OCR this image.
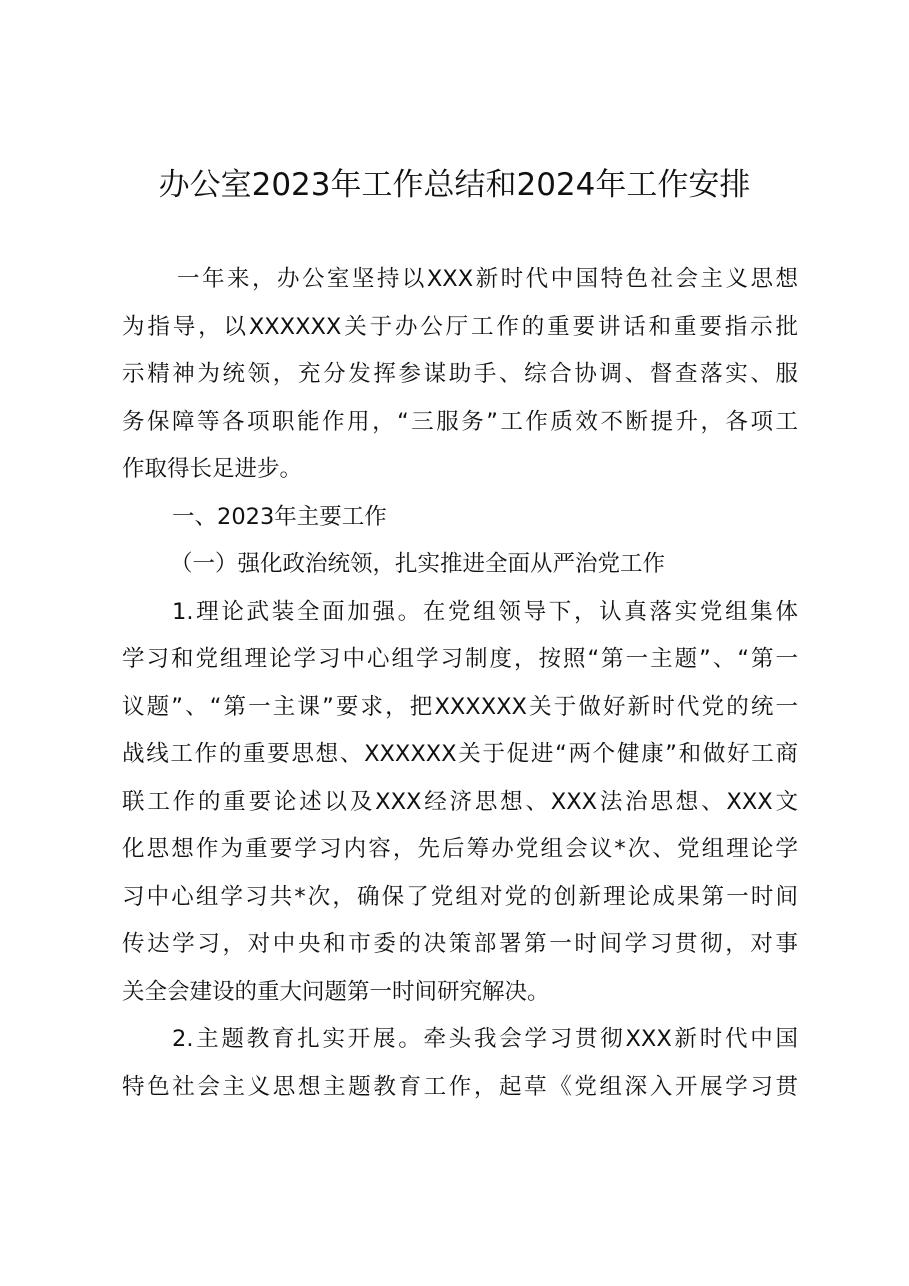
办公室2023年工作总结和2024年工作安排
一年来，办公室坚持以XXX新时代中国特色社会主义思想
为指导，以XXXXXX关于办公厅工作的重要讲话和重要指示批
示精神为统领，充分发挥参谋助手、综合协调、督查落实、服
务保障等各项职能作用，“三服务”工作质效不断提升，各项工
作取得长足进步。
一、2023年主要工作
（一）强化政治统领，扎实推进全面从严治党工作
1.理论武装全面加强。在党组领导下，认真落实党组集体
学习和党组理论学习中心组学习制度，按照“第一主题”、“第一
议题”、“第一主课”要求，把XXXXXX关于做好新时代党的统一
战线工作的重要思想、XXXXXX关于促进“两个健康”和做好工商
联工作的重要论述以及XXX经济思想、XXX法治思想、XXX文
化思想作为重要学习内容，先后筹办党组会议*次、党组理论学
习中心组学习共*次，确保了党组对党的创新理论成果第一时间
传达学习，对中央和市委的决策部署第一时间学习贯彻，对事
关全会建设的重大问题第一时间研究解决。
2.主题教育扎实开展。牵头我会学习贯彻XXX新时代中国
特色社会主义思想主题教育工作，起草《党组深入开展学习贯
